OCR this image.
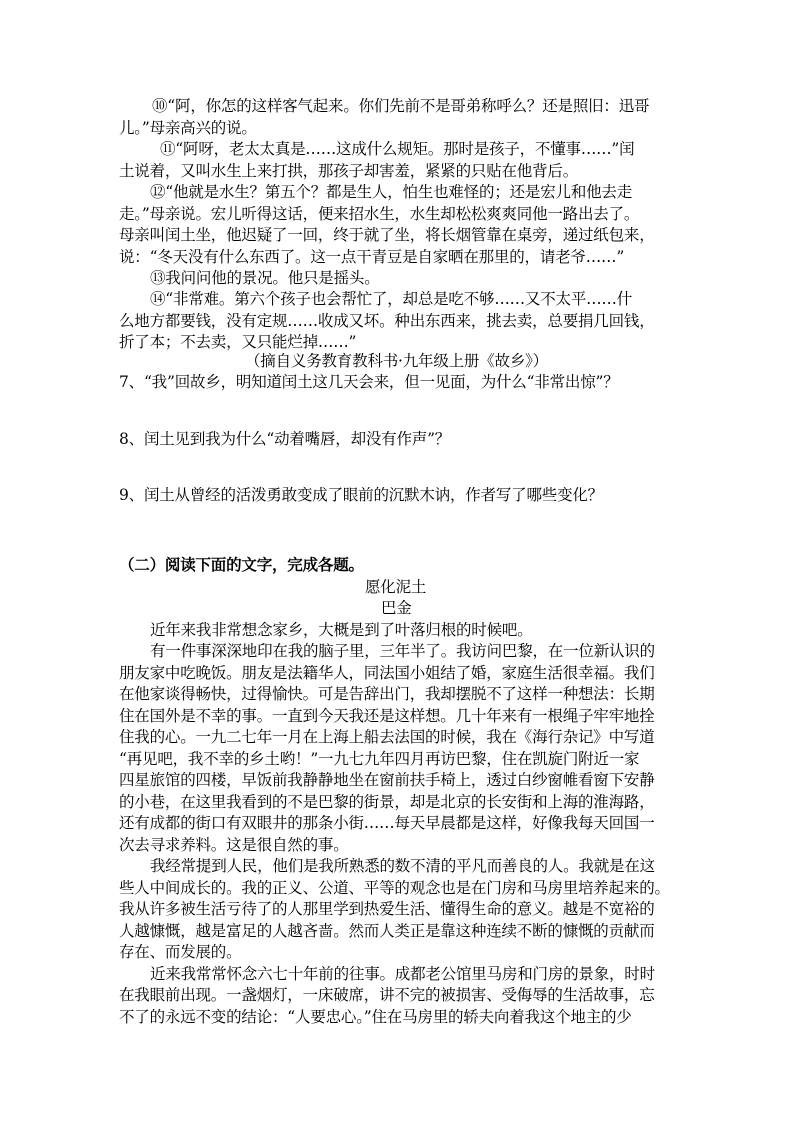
⑩“阿，你怎的这样客气起来。你们先前不是哥弟称呼么？还是照旧：迅哥

儿。”母亲高兴的说。

⑪“阿呀，老太太真是……这成什么规矩。那时是孩子，不懂事……”闰

土说着，又叫水生上来打拱，那孩子却害羞，紧紧的只贴在他背后。

⑫“他就是水生？第五个？都是生人，怕生也难怪的；还是宏儿和他去走

走。”母亲说。宏儿听得这话，便来招水生，水生却松松爽爽同他一路出去了。

母亲叫闰土坐，他迟疑了一回，终于就了坐，将长烟管靠在桌旁，递过纸包来，

说：“冬天没有什么东西了。这一点干青豆是自家晒在那里的，请老爷……”

⑬我问问他的景况。他只是摇头。

⑭“非常难。第六个孩子也会帮忙了，却总是吃不够……又不太平……什

么地方都要钱，没有定规……收成又坏。种出东西来，挑去卖，总要捐几回钱，

折了本；不去卖，又只能烂掉……”

（摘自义务教育教科书·九年级上册《故乡》）

7、“我”回故乡，明知道闰土这几天会来，但一见面，为什么“非常出惊”？

8、闰土见到我为什么“动着嘴唇，却没有作声”？

9、闰土从曾经的活泼勇敢变成了眼前的沉默木讷，作者写了哪些变化？

（二）阅读下面的文字，完成各题。

愿化泥土

巴金

近年来我非常想念家乡，大概是到了叶落归根的时候吧。

有一件事深深地印在我的脑子里，三年半了。我访问巴黎，在一位新认识的

朋友家中吃晚饭。朋友是法籍华人，同法国小姐结了婚，家庭生活很幸福。我们

在他家谈得畅快，过得愉快。可是告辞出门，我却摆脱不了这样一种想法：长期

住在国外是不幸的事。一直到今天我还是这样想。几十年来有一根绳子牢牢地拴

住我的心。一九二七年一月在上海上船去法国的时候，我在《海行杂记》中写道

“再见吧，我不幸的乡土哟！”一九七九年四月再访巴黎，住在凯旋门附近一家

四星旅馆的四楼，早饭前我静静地坐在窗前扶手椅上，透过白纱窗帷看窗下安静

的小巷，在这里我看到的不是巴黎的街景，却是北京的长安街和上海的淮海路，

还有成都的街口有双眼井的那条小街……每天早晨都是这样，好像我每天回国一

次去寻求养料。这是很自然的事。

我经常提到人民，他们是我所熟悉的数不清的平凡而善良的人。我就是在这

些人中间成长的。我的正义、公道、平等的观念也是在门房和马房里培养起来的。

我从许多被生活亏待了的人那里学到热爱生活、懂得生命的意义。越是不宽裕的

人越慷慨，越是富足的人越吝啬。然而人类正是靠这种连续不断的慷慨的贡献而

存在、而发展的。

近来我常常怀念六七十年前的往事。成都老公馆里马房和门房的景象，时时

在我眼前出现。一盏烟灯，一床破席，讲不完的被损害、受侮辱的生活故事，忘

不了的永远不变的结论：“人要忠心。”住在马房里的轿夫向着我这个地主的少
